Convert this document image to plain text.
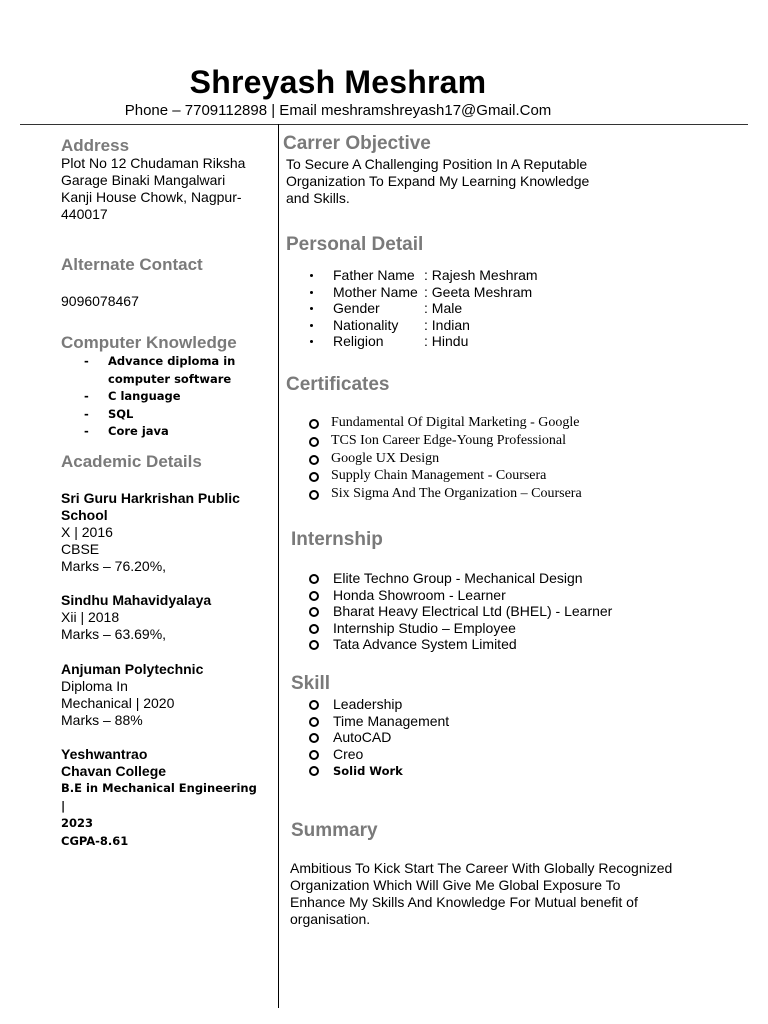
Shreyash Meshram
Phone – 7709112898 | Email meshramshreyash17@Gmail.Com
Address
Plot No 12 Chudaman Riksha
Garage Binaki Mangalwari
Kanji House Chowk, Nagpur-
440017
Alternate Contact
9096078467
Computer Knowledge
- Advance diploma in computer software
- C language
- SQL
- Core java
Academic Details
Sri Guru Harkrishan Public School
X | 2016
CBSE
Marks – 76.20%,
Sindhu Mahavidyalaya
Xii | 2018
Marks – 63.69%,
Anjuman Polytechnic
Diploma In
Mechanical | 2020
Marks – 88%
Yeshwantrao
Chavan College
B.E in Mechanical Engineering |
2023
CGPA-8.61
Carrer Objective
To Secure A Challenging Position In A Reputable
Organization To Expand My Learning Knowledge
and Skills.
Personal Detail
Father Name : Rajesh Meshram
Mother Name : Geeta Meshram
Gender	: Male
Nationality : Indian
Religion	: Hindu
Certificates
Fundamental Of Digital Marketing - Google
TCS Ion Career Edge-Young Professional
Google UX Design
Supply Chain Management - Coursera
Six Sigma And The Organization – Coursera
Internship
Elite Techno Group - Mechanical Design
Honda Showroom - Learner
Bharat Heavy Electrical Ltd (BHEL) - Learner
Internship Studio – Employee
Tata Advance System Limited
Skill
Leadership
Time Management
AutoCAD
Creo
Solid Work
Summary
Ambitious To Kick Start The Career With Globally Recognized
Organization Which Will Give Me Global Exposure To
Enhance My Skills And Knowledge For Mutual benefit of
organisation.
